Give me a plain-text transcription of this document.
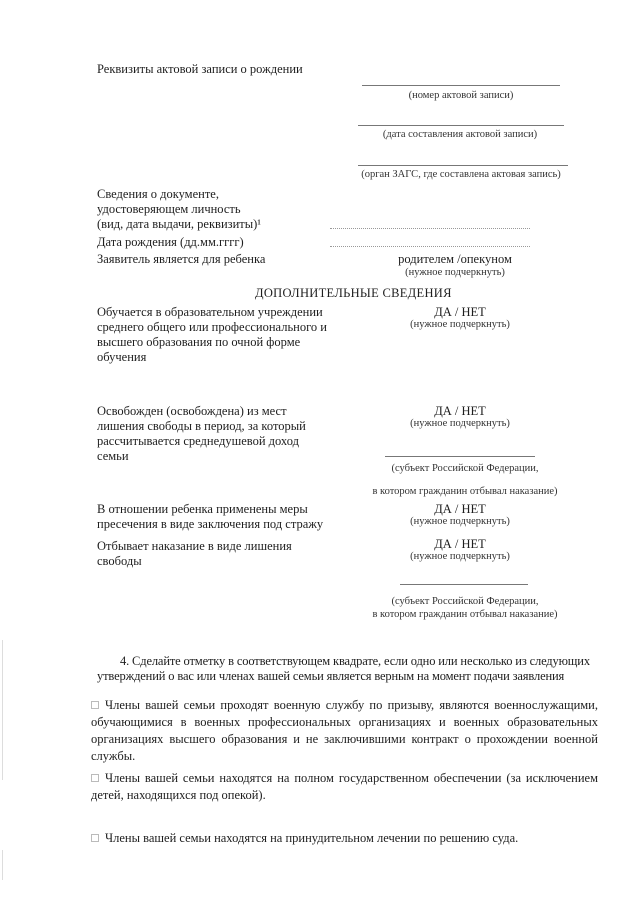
Реквизиты актовой записи о рождении
(номер актовой записи)
(дата составления актовой записи)
(орган ЗАГС, где составлена актовая запись)
Сведения о документе,
удостоверяющем личность
(вид, дата выдачи, реквизиты)¹
Дата рождения (дд.мм.гггг)
Заявитель является для ребенка	родителем /опекуном
(нужное подчеркнуть)
ДОПОЛНИТЕЛЬНЫЕ СВЕДЕНИЯ
Обучается в образовательном учреждении
среднего общего или профессионального и
высшего образования по очной форме
обучения
ДА / НЕТ
(нужное подчеркнуть)
Освобожден (освобождена) из мест
лишения свободы в период, за который
рассчитывается среднедушевой доход
семьи
ДА / НЕТ
(нужное подчеркнуть)
(субъект Российской Федерации,
в котором гражданин отбывал наказание)
В отношении ребенка применены меры
пресечения в виде заключения под стражу
ДА / НЕТ
(нужное подчеркнуть)
Отбывает наказание в виде лишения
свободы
ДА / НЕТ
(нужное подчеркнуть)
(субъект Российской Федерации,
в котором гражданин отбывал наказание)
4. Сделайте отметку в соответствующем квадрате, если одно или несколько из следующих
утверждений о вас или членах вашей семьи является верным на момент подачи заявления
Члены вашей семьи проходят военную службу по призыву, являются военнослужащими, обучающимися в военных профессиональных организациях и военных образовательных организациях высшего образования и не заключившими контракт о прохождении военной службы.
Члены вашей семьи находятся на полном государственном обеспечении (за исключением детей, находящихся под опекой).
Члены вашей семьи находятся на принудительном лечении по решению суда.
